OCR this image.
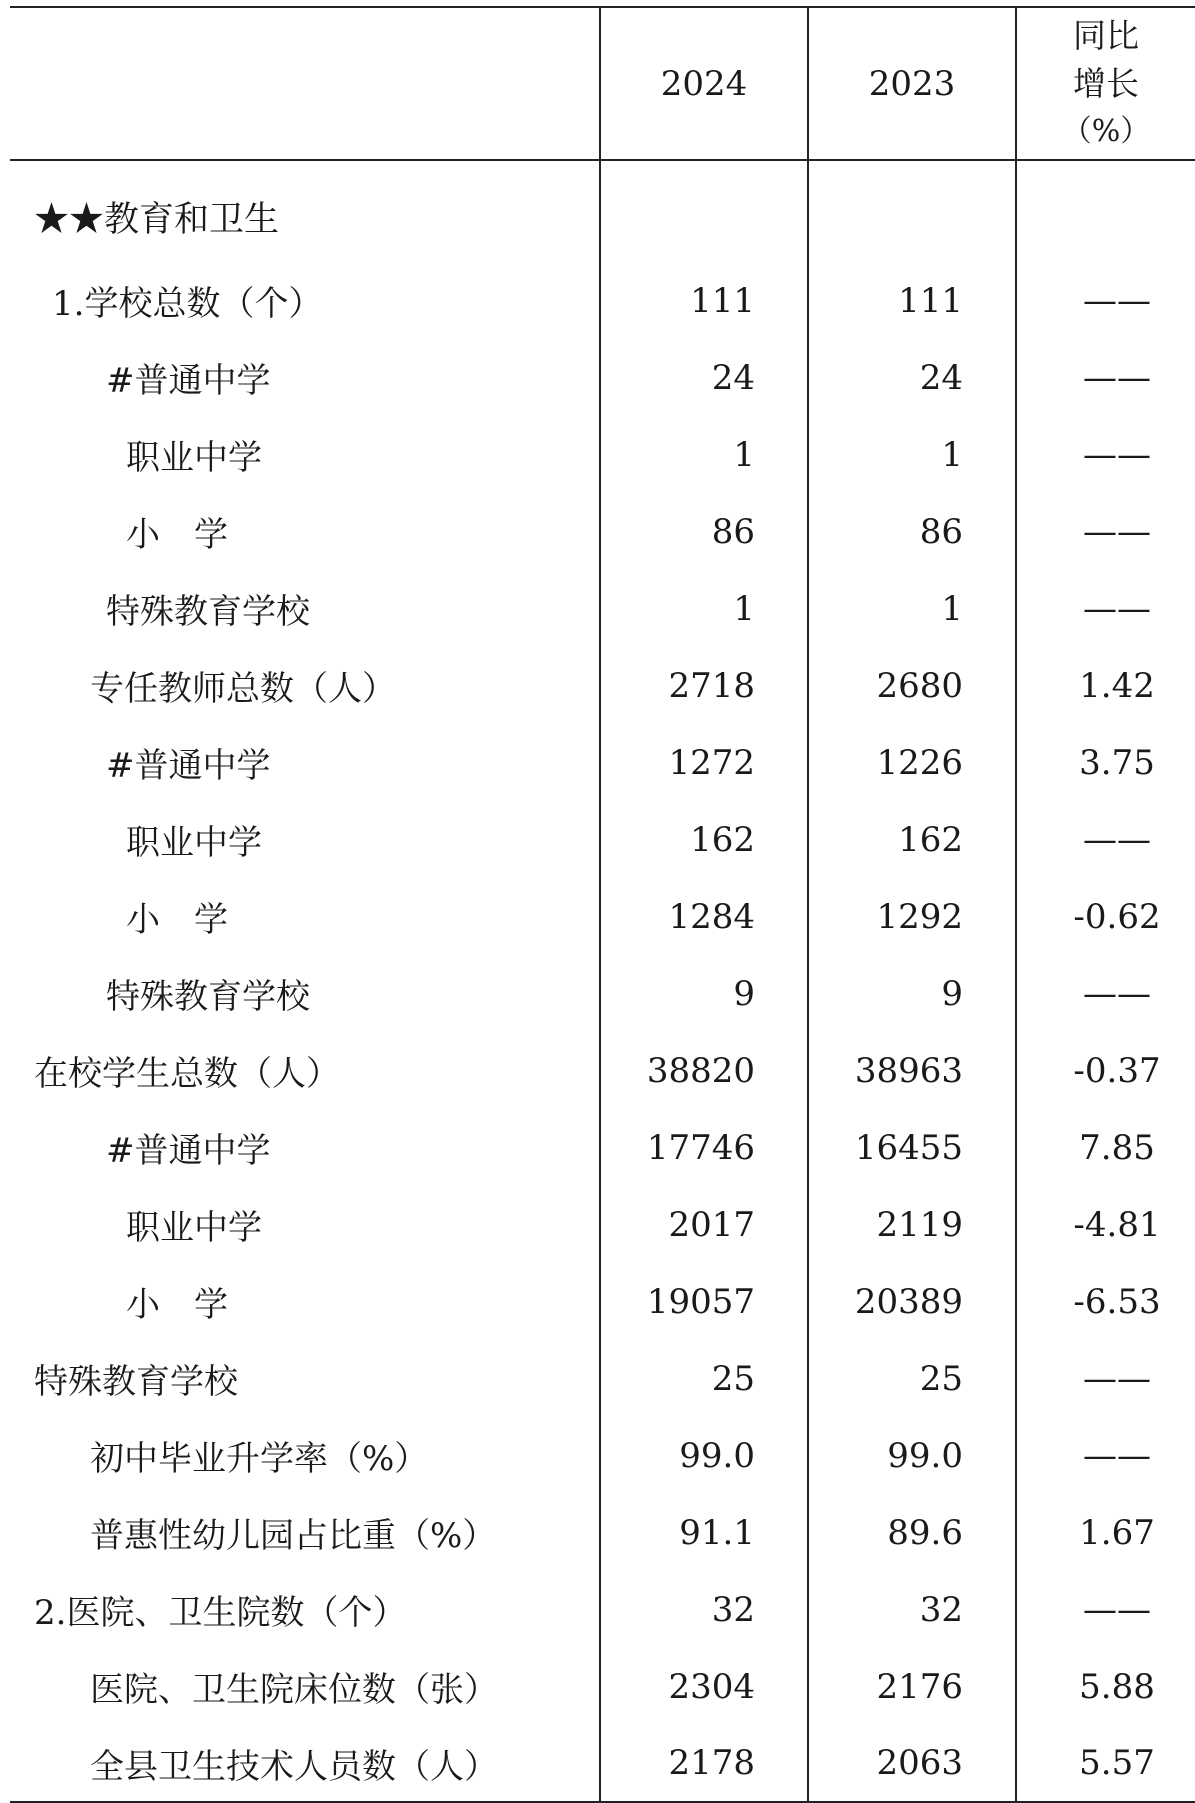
	2024	2023	同比
增长
（%）

★★教育和卫生			
1.学校总数（个）	111	111	——
#普通中学	24	24	——
职业中学	1	1	——
小　学	86	86	——
特殊教育学校	1	1	——
专任教师总数（人）	2718	2680	1.42
#普通中学	1272	1226	3.75
职业中学	162	162	——
小　学	1284	1292	-0.62
特殊教育学校	9	9	——
在校学生总数（人）	38820	38963	-0.37
#普通中学	17746	16455	7.85
职业中学	2017	2119	-4.81
小　学	19057	20389	-6.53
特殊教育学校	25	25	——
初中毕业升学率（%）	99.0	99.0	——
普惠性幼儿园占比重（%）	91.1	89.6	1.67
2.医院、卫生院数（个）	32	32	——
医院、卫生院床位数（张）	2304	2176	5.88
全县卫生技术人员数（人）	2178	2063	5.57
